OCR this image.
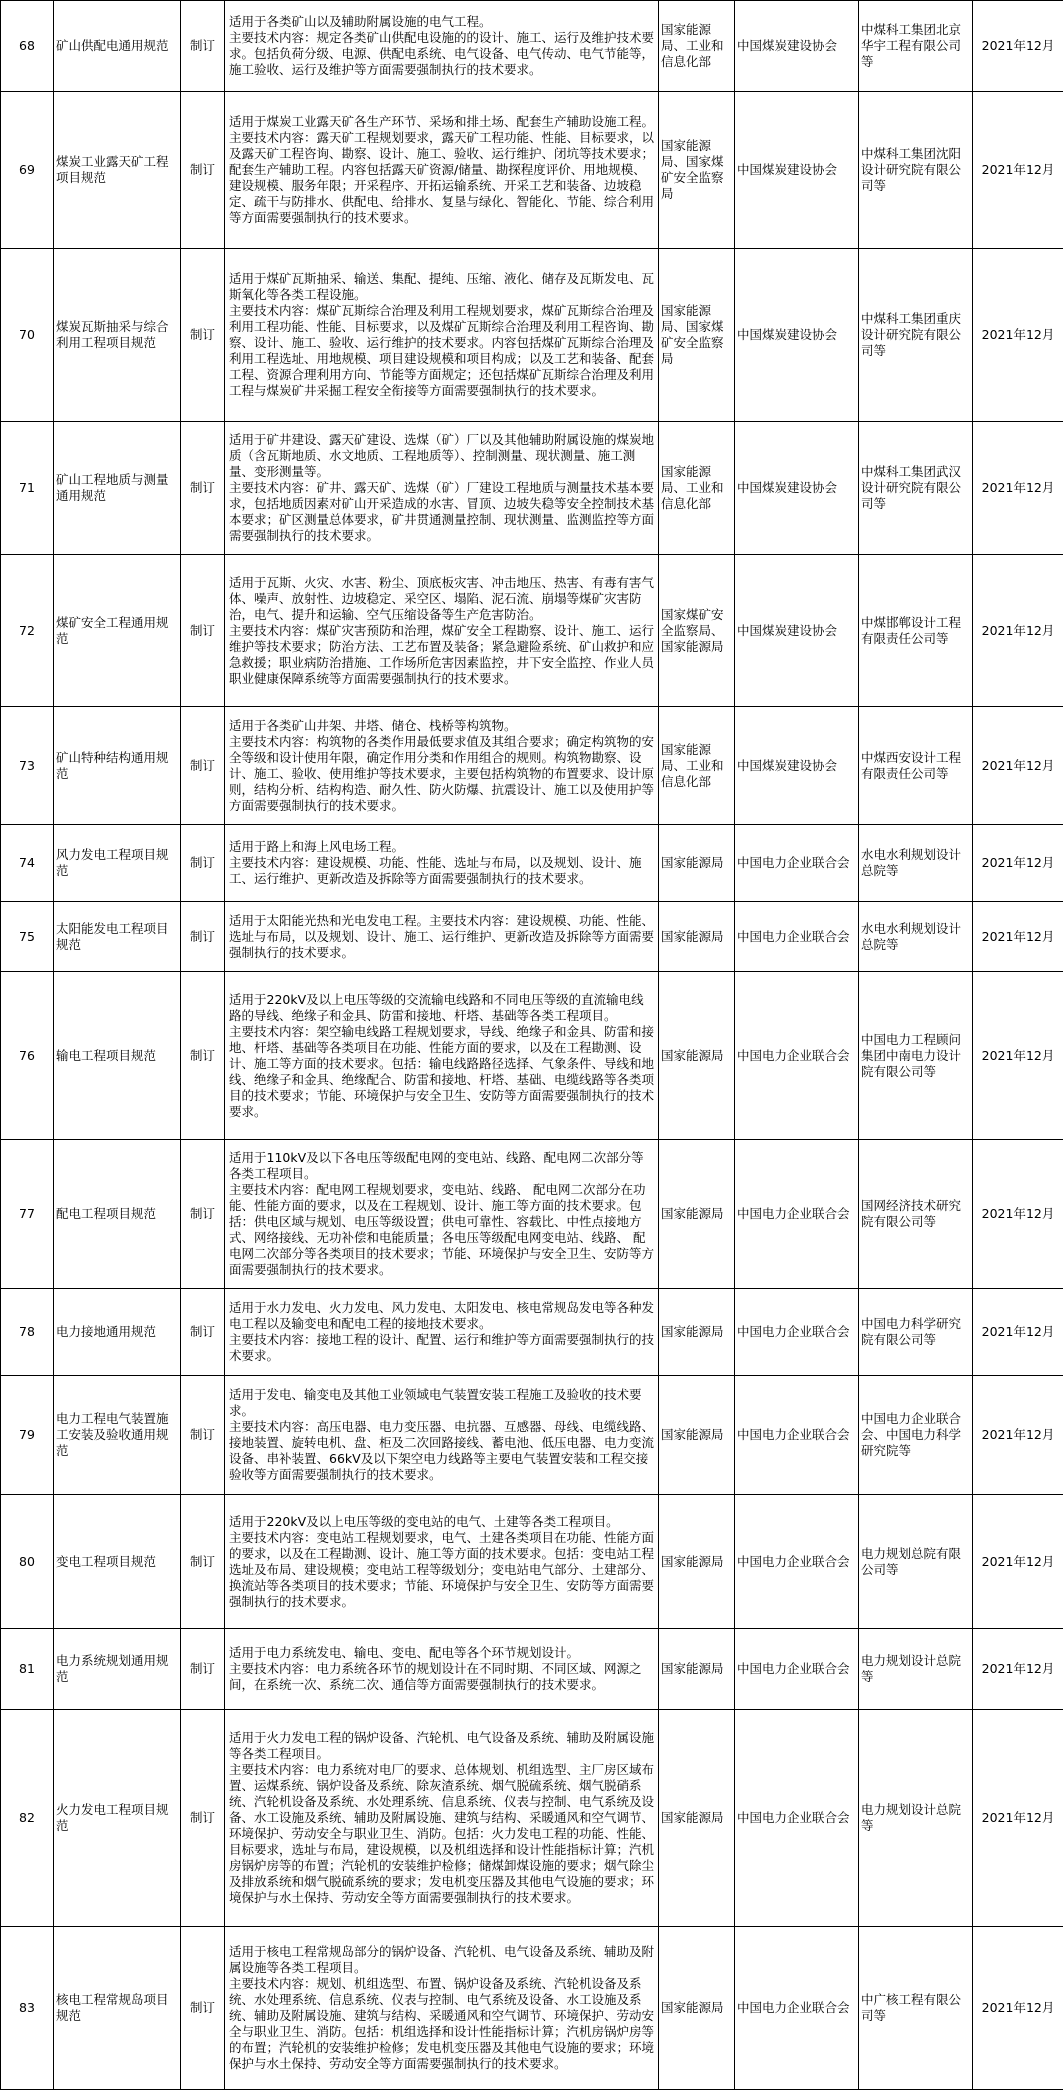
68	矿山供配电通用规范	制订	适用于各类矿山以及辅助附属设施的电气工程。
主要技术内容：规定各类矿山供配电设施的的设计、施工、运行及维护技术要求。包括负荷分级、电源、供配电系统、电气设备、电气传动、电气节能等，施工验收、运行及维护等方面需要强制执行的技术要求。	国家能源局、工业和信息化部	中国煤炭建设协会	中煤科工集团北京华宇工程有限公司等	2021年12月
69	煤炭工业露天矿工程项目规范	制订	适用于煤炭工业露天矿各生产环节、采场和排土场、配套生产辅助设施工程。
主要技术内容：露天矿工程规划要求，露天矿工程功能、性能、目标要求，以及露天矿工程咨询、勘察、设计、施工、验收、运行维护、闭坑等技术要求；配套生产辅助工程。内容包括露天矿资源/储量、勘探程度评价、用地规模、建设规模、服务年限；开采程序、开拓运输系统、开采工艺和装备、边坡稳定、疏干与防排水、供配电、给排水、复垦与绿化、智能化、节能、综合利用等方面需要强制执行的技术要求。	国家能源局、国家煤矿安全监察局	中国煤炭建设协会	中煤科工集团沈阳设计研究院有限公司等	2021年12月
70	煤炭瓦斯抽采与综合利用工程项目规范	制订	适用于煤矿瓦斯抽采、输送、集配、提纯、压缩、液化、储存及瓦斯发电、瓦斯氧化等各类工程设施。
主要技术内容：煤矿瓦斯综合治理及利用工程规划要求，煤矿瓦斯综合治理及利用工程功能、性能、目标要求，以及煤矿瓦斯综合治理及利用工程咨询、勘察、设计、施工、验收、运行维护的技术要求。内容包括煤矿瓦斯综合治理及利用工程选址、用地规模、项目建设规模和项目构成；以及工艺和装备、配套工程、资源合理利用方向、节能等方面规定；还包括煤矿瓦斯综合治理及利用工程与煤炭矿井采掘工程安全衔接等方面需要强制执行的技术要求。	国家能源局、国家煤矿安全监察局	中国煤炭建设协会	中煤科工集团重庆设计研究院有限公司等	2021年12月
71	矿山工程地质与测量通用规范	制订	适用于矿井建设、露天矿建设、选煤（矿）厂以及其他辅助附属设施的煤炭地质（含瓦斯地质、水文地质、工程地质等）、控制测量、现状测量、施工测量、变形测量等。
主要技术内容：矿井、露天矿、选煤（矿）厂建设工程地质与测量技术基本要求，包括地质因素对矿山开采造成的水害、冒顶、边坡失稳等安全控制技术基本要求；矿区测量总体要求，矿井贯通测量控制、现状测量、监测监控等方面需要强制执行的技术要求。	国家能源局、工业和信息化部	中国煤炭建设协会	中煤科工集团武汉设计研究院有限公司等	2021年12月
72	煤矿安全工程通用规范	制订	适用于瓦斯、火灾、水害、粉尘、顶底板灾害、冲击地压、热害、有毒有害气体、噪声、放射性、边坡稳定、采空区、塌陷、泥石流、崩塌等煤矿灾害防治，电气、提升和运输、空气压缩设备等生产危害防治。
主要技术内容：煤矿灾害预防和治理，煤矿安全工程勘察、设计、施工、运行维护等技术要求；防治方法、工艺布置及装备；紧急避险系统、矿山救护和应急救援；职业病防治措施、工作场所危害因素监控，井下安全监控、作业人员职业健康保障系统等方面需要强制执行的技术要求。	国家煤矿安全监察局、国家能源局	中国煤炭建设协会	中煤邯郸设计工程有限责任公司等	2021年12月
73	矿山特种结构通用规范	制订	适用于各类矿山井架、井塔、储仓、栈桥等构筑物。
主要技术内容：构筑物的各类作用最低要求值及其组合要求；确定构筑物的安全等级和设计使用年限，确定作用分类和作用组合的规则。构筑物勘察、设计、施工、验收、使用维护等技术要求，主要包括构筑物的布置要求、设计原则，结构分析、结构构造、耐久性、防火防爆、抗震设计、施工以及使用护等方面需要强制执行的技术要求。	国家能源局、工业和信息化部	中国煤炭建设协会	中煤西安设计工程有限责任公司等	2021年12月
74	风力发电工程项目规范	制订	适用于路上和海上风电场工程。
主要技术内容：建设规模、功能、性能、选址与布局，以及规划、设计、施工、运行维护、更新改造及拆除等方面需要强制执行的技术要求。	国家能源局	中国电力企业联合会	水电水利规划设计总院等	2021年12月
75	太阳能发电工程项目规范	制订	适用于太阳能光热和光电发电工程。主要技术内容：建设规模、功能、性能、选址与布局，以及规划、设计、施工、运行维护、更新改造及拆除等方面需要强制执行的技术要求。	国家能源局	中国电力企业联合会	水电水利规划设计总院等	2021年12月
76	输电工程项目规范	制订	适用于220kV及以上电压等级的交流输电线路和不同电压等级的直流输电线路的导线、绝缘子和金具、防雷和接地、杆塔、基础等各类工程项目。
主要技术内容：架空输电线路工程规划要求，导线、绝缘子和金具、防雷和接地、杆塔、基础等各类项目在功能、性能方面的要求，以及在工程勘测、设计、施工等方面的技术要求。包括：输电线路路径选择、气象条件、导线和地线、绝缘子和金具、绝缘配合、防雷和接地、杆塔、基础、电缆线路等各类项目的技术要求；节能、环境保护与安全卫生、安防等方面需要强制执行的技术要求。	国家能源局	中国电力企业联合会	中国电力工程顾问集团中南电力设计院有限公司等	2021年12月
77	配电工程项目规范	制订	适用于110kV及以下各电压等级配电网的变电站、线路、配电网二次部分等各类工程项目。
主要技术内容：配电网工程规划要求，变电站、线路、 配电网二次部分在功能、性能方面的要求，以及在工程规划、设计、施工等方面的技术要求。包括：供电区域与规划、电压等级设置；供电可靠性、容载比、中性点接地方式、网络接线、无功补偿和电能质量；各电压等级配电网变电站、线路、 配电网二次部分等各类项目的技术要求；节能、环境保护与安全卫生、安防等方面需要强制执行的技术要求。	国家能源局	中国电力企业联合会	国网经济技术研究院有限公司等	2021年12月
78	电力接地通用规范	制订	适用于水力发电、火力发电、风力发电、太阳发电、核电常规岛发电等各种发电工程以及输变电和配电工程的接地技术要求。
主要技术内容：接地工程的设计、配置、运行和维护等方面需要强制执行的技术要求。	国家能源局	中国电力企业联合会	中国电力科学研究院有限公司等	2021年12月
79	电力工程电气装置施工安装及验收通用规范	制订	适用于发电、输变电及其他工业领域电气装置安装工程施工及验收的技术要求。
主要技术内容：高压电器、电力变压器、电抗器、互感器、母线、电缆线路、接地装置、旋转电机、盘、柜及二次回路接线、蓄电池、低压电器、电力变流设备、串补装置、66kV及以下架空电力线路等主要电气装置安装和工程交接验收等方面需要强制执行的技术要求。	国家能源局	中国电力企业联合会	中国电力企业联合会、中国电力科学研究院等	2021年12月
80	变电工程项目规范	制订	适用于220kV及以上电压等级的变电站的电气、土建等各类工程项目。
主要技术内容：变电站工程规划要求，电气、土建各类项目在功能、性能方面的要求，以及在工程勘测、设计、施工等方面的技术要求。包括：变电站工程选址及布局、建设规模；变电站工程等级划分；变电站电气部分、土建部分、换流站等各类项目的技术要求；节能、环境保护与安全卫生、安防等方面需要强制执行的技术要求。	国家能源局	中国电力企业联合会	电力规划总院有限公司等	2021年12月
81	电力系统规划通用规范	制订	适用于电力系统发电、输电、变电、配电等各个环节规划设计。
主要技术内容：电力系统各环节的规划设计在不同时期、不同区域、网源之间，在系统一次、系统二次、通信等方面需要强制执行的技术要求。	国家能源局	中国电力企业联合会	电力规划设计总院等	2021年12月
82	火力发电工程项目规范	制订	适用于火力发电工程的锅炉设备、汽轮机、电气设备及系统、辅助及附属设施等各类工程项目。
主要技术内容：电力系统对电厂的要求、总体规划、机组选型、主厂房区域布置、运煤系统、锅炉设备及系统、除灰渣系统、烟气脱硫系统、烟气脱硝系统、汽轮机设备及系统、水处理系统、信息系统、仪表与控制、电气系统及设备、水工设施及系统、辅助及附属设施、建筑与结构、采暖通风和空气调节、环境保护、劳动安全与职业卫生、消防。包括：火力发电工程的功能、性能、目标要求，选址与布局，建设规模，以及机组选择和设计性能指标计算；汽机房锅炉房等的布置；汽轮机的安装维护检修；储煤卸煤设施的要求；烟气除尘及排放系统和烟气脱硫系统的要求；发电机变压器及其他电气设施的要求；环境保护与水土保持、劳动安全等方面需要强制执行的技术要求。	国家能源局	中国电力企业联合会	电力规划设计总院等	2021年12月
83	核电工程常规岛项目规范	制订	适用于核电工程常规岛部分的锅炉设备、汽轮机、电气设备及系统、辅助及附属设施等各类工程项目。
主要技术内容：规划、机组选型、布置、锅炉设备及系统、汽轮机设备及系统、水处理系统、信息系统、仪表与控制、电气系统及设备、水工设施及系统、辅助及附属设施、建筑与结构、采暖通风和空气调节、环境保护、劳动安全与职业卫生、消防。包括：机组选择和设计性能指标计算；汽机房锅炉房等的布置；汽轮机的安装维护检修；发电机变压器及其他电气设施的要求；环境保护与水土保持、劳动安全等方面需要强制执行的技术要求。	国家能源局	中国电力企业联合会	中广核工程有限公司等	2021年12月
